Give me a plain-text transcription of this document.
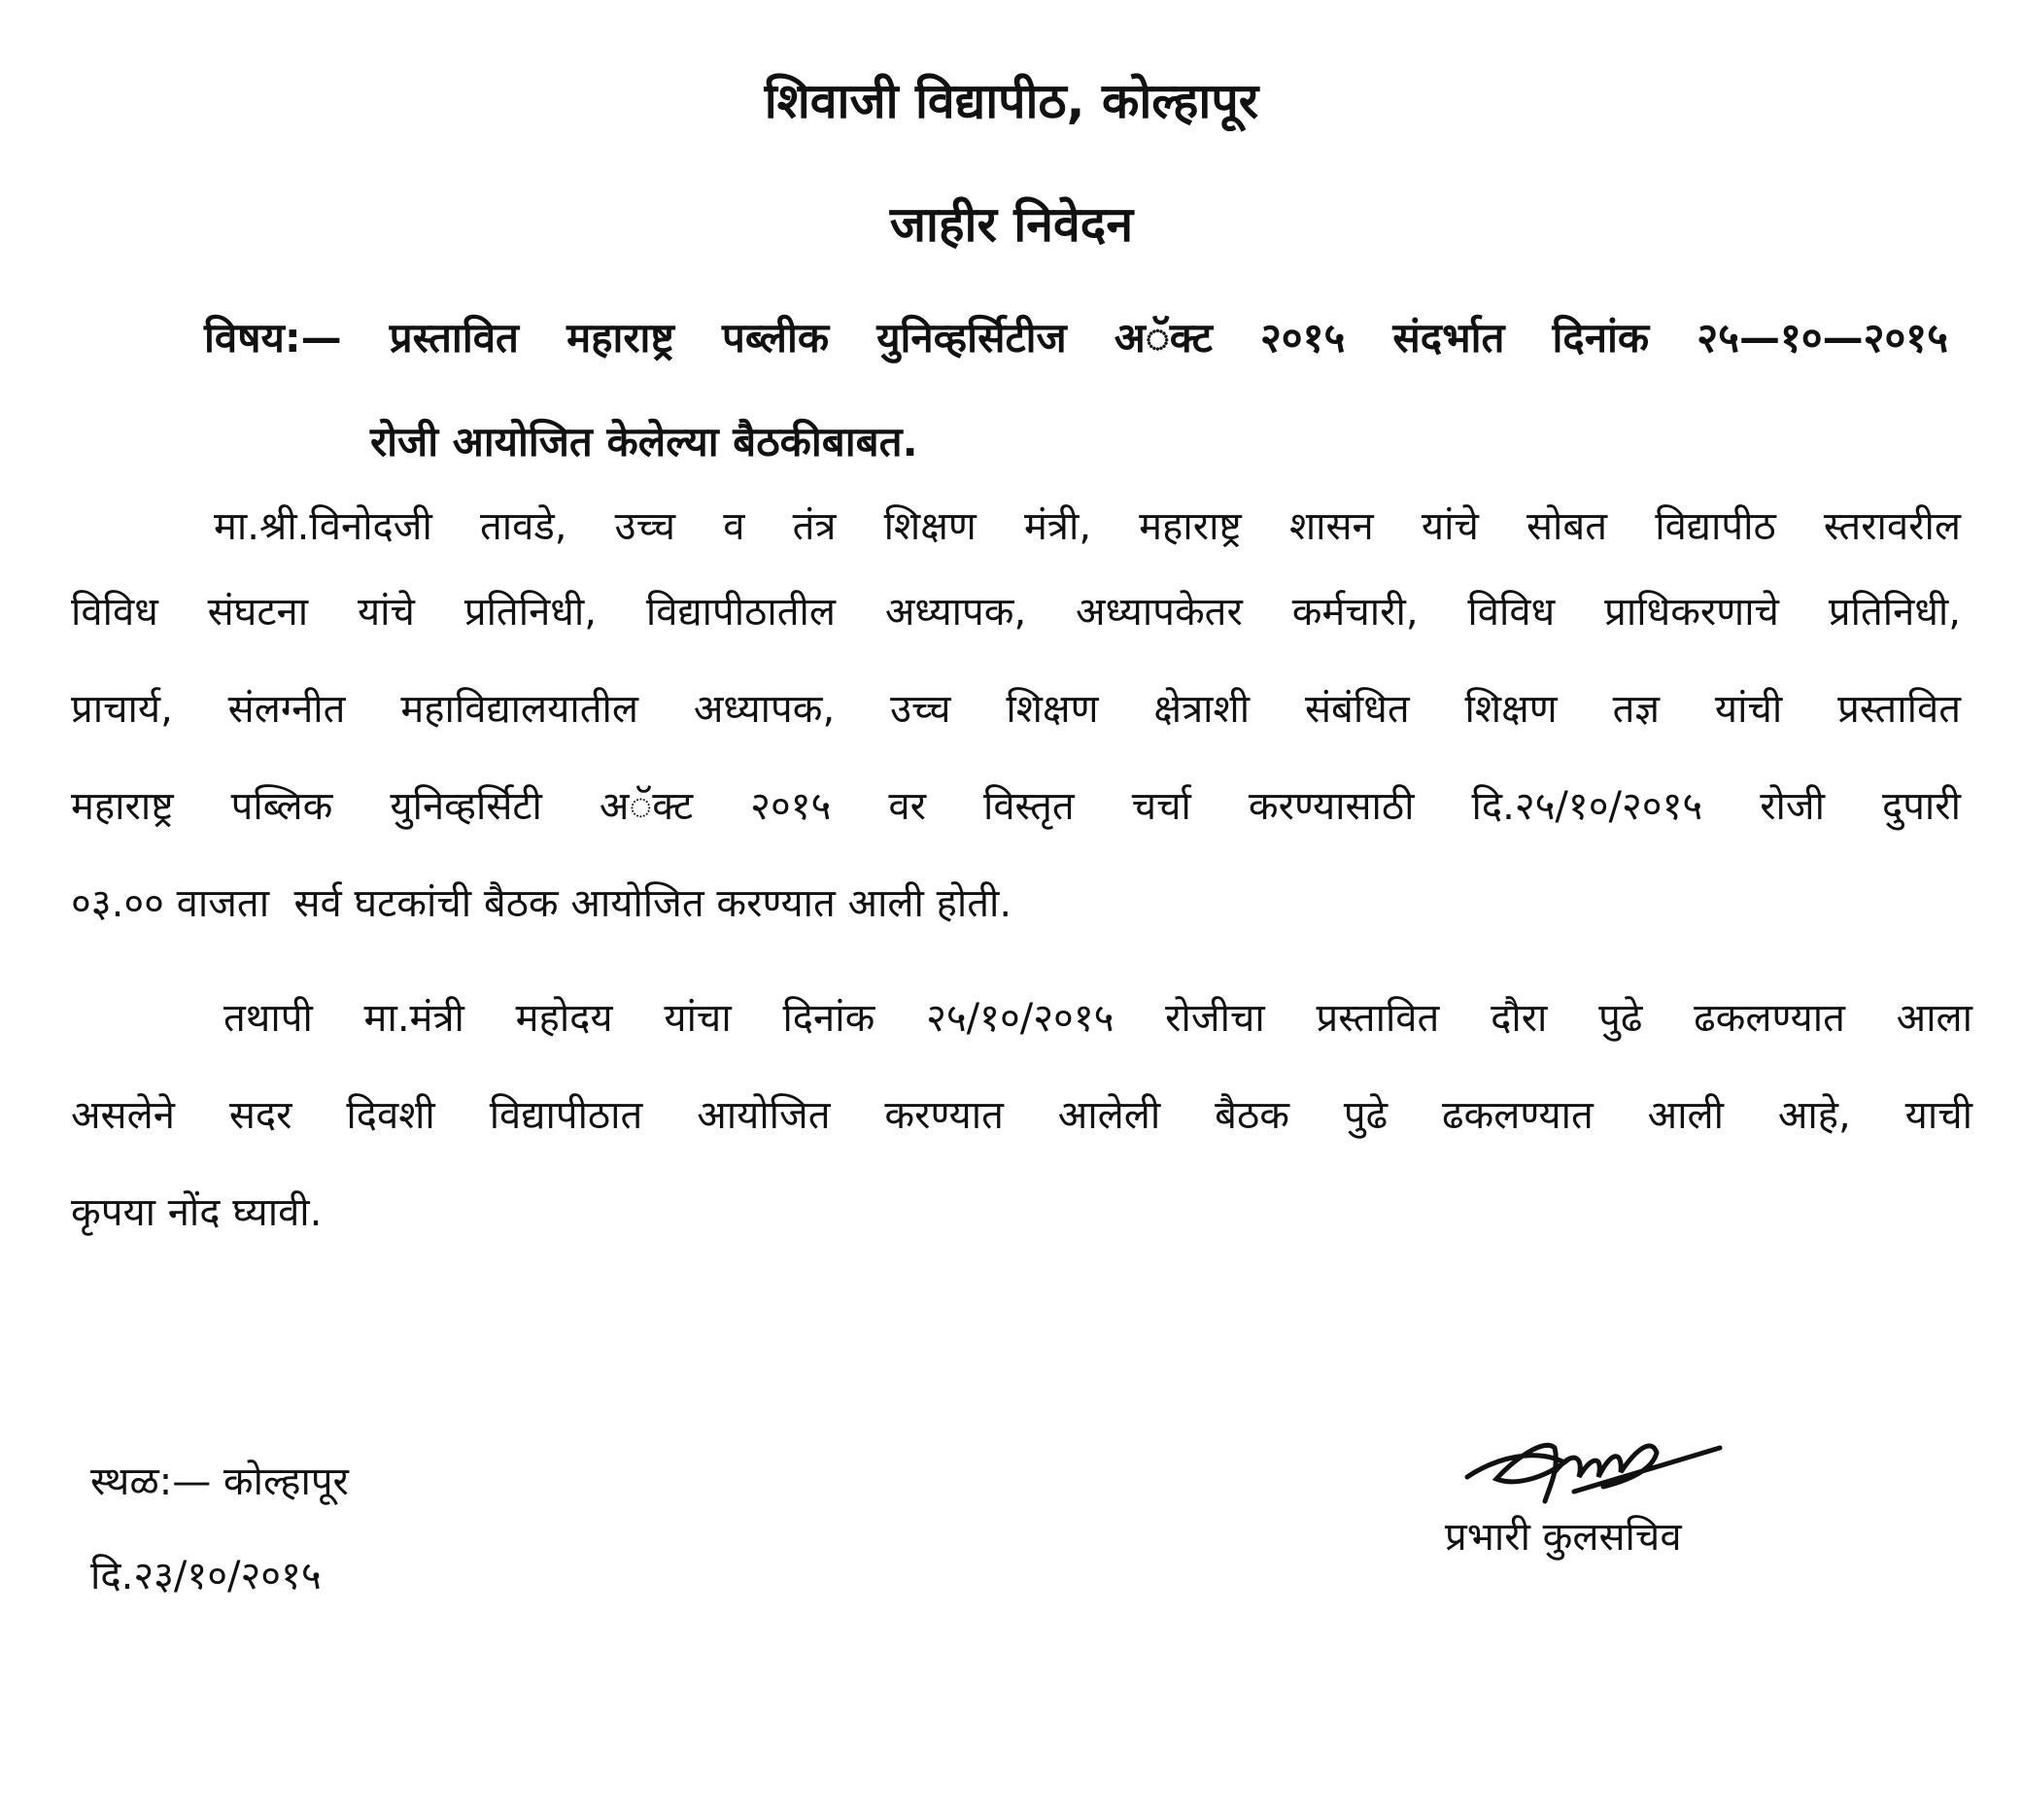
शिवाजी विद्यापीठ, कोल्हापूर
जाहीर निवेदन
विषय:— प्रस्तावित महाराष्ट्र पब्लीक युनिव्हर्सिटीज अॅक्ट २०१५ संदर्भात दिनांक २५—१०—२०१५
रोजी आयोजित केलेल्या बैठकीबाबत.
मा.श्री.विनोदजी तावडे, उच्च व तंत्र शिक्षण मंत्री, महाराष्ट्र शासन यांचे सोबत विद्यापीठ स्तरावरील
विविध संघटना यांचे प्रतिनिधी, विद्यापीठातील अध्यापक, अध्यापकेतर कर्मचारी, विविध प्राधिकरणाचे प्रतिनिधी,
प्राचार्य, संलग्नीत महाविद्यालयातील अध्यापक, उच्च शिक्षण क्षेत्राशी संबंधित शिक्षण तज्ञ यांची प्रस्तावित
महाराष्ट्र पब्लिक युनिव्हर्सिटी अॅक्ट २०१५ वर विस्तृत चर्चा करण्यासाठी दि.२५/१०/२०१५ रोजी दुपारी
०३.०० वाजता  सर्व घटकांची बैठक आयोजित करण्यात आली होती.
तथापी मा.मंत्री महोदय यांचा दिनांक २५/१०/२०१५ रोजीचा प्रस्तावित दौरा पुढे ढकलण्यात आला
असलेने सदर दिवशी विद्यापीठात आयोजित करण्यात आलेली बैठक पुढे ढकलण्यात आली आहे, याची
कृपया नोंद घ्यावी.
स्थळ:— कोल्हापूर
दि.२३/१०/२०१५
प्रभारी कुलसचिव
